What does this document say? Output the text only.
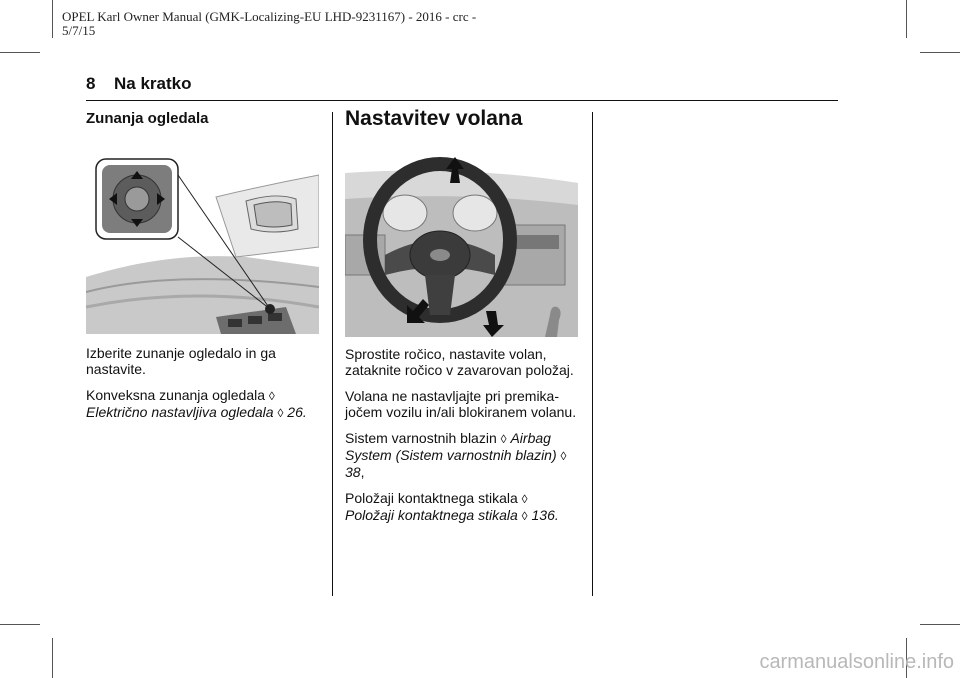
OPEL Karl Owner Manual (GMK-Localizing-EU LHD-9231167) - 2016 - crc -
5/7/15
8 Na kratko
Zunanja ogledala

Izberite zunanje ogledalo in ga nastavite.

Konveksna zunanja ogledala ◊
Električno nastavljiva ogledala ◊ 26.

Nastavitev volana

Sprostite ročico, nastavite volan, zataknite ročico v zavarovan položaj.

Volana ne nastavljajte pri premika-jočem vozilu in/ali blokiranem volanu.

Sistem varnostnih blazin ◊ Airbag System (Sistem varnostnih blazin) ◊ 38,

Položaji kontaktnega stikala ◊
Položaji kontaktnega stikala ◊ 136.

carmanualsonline.info
